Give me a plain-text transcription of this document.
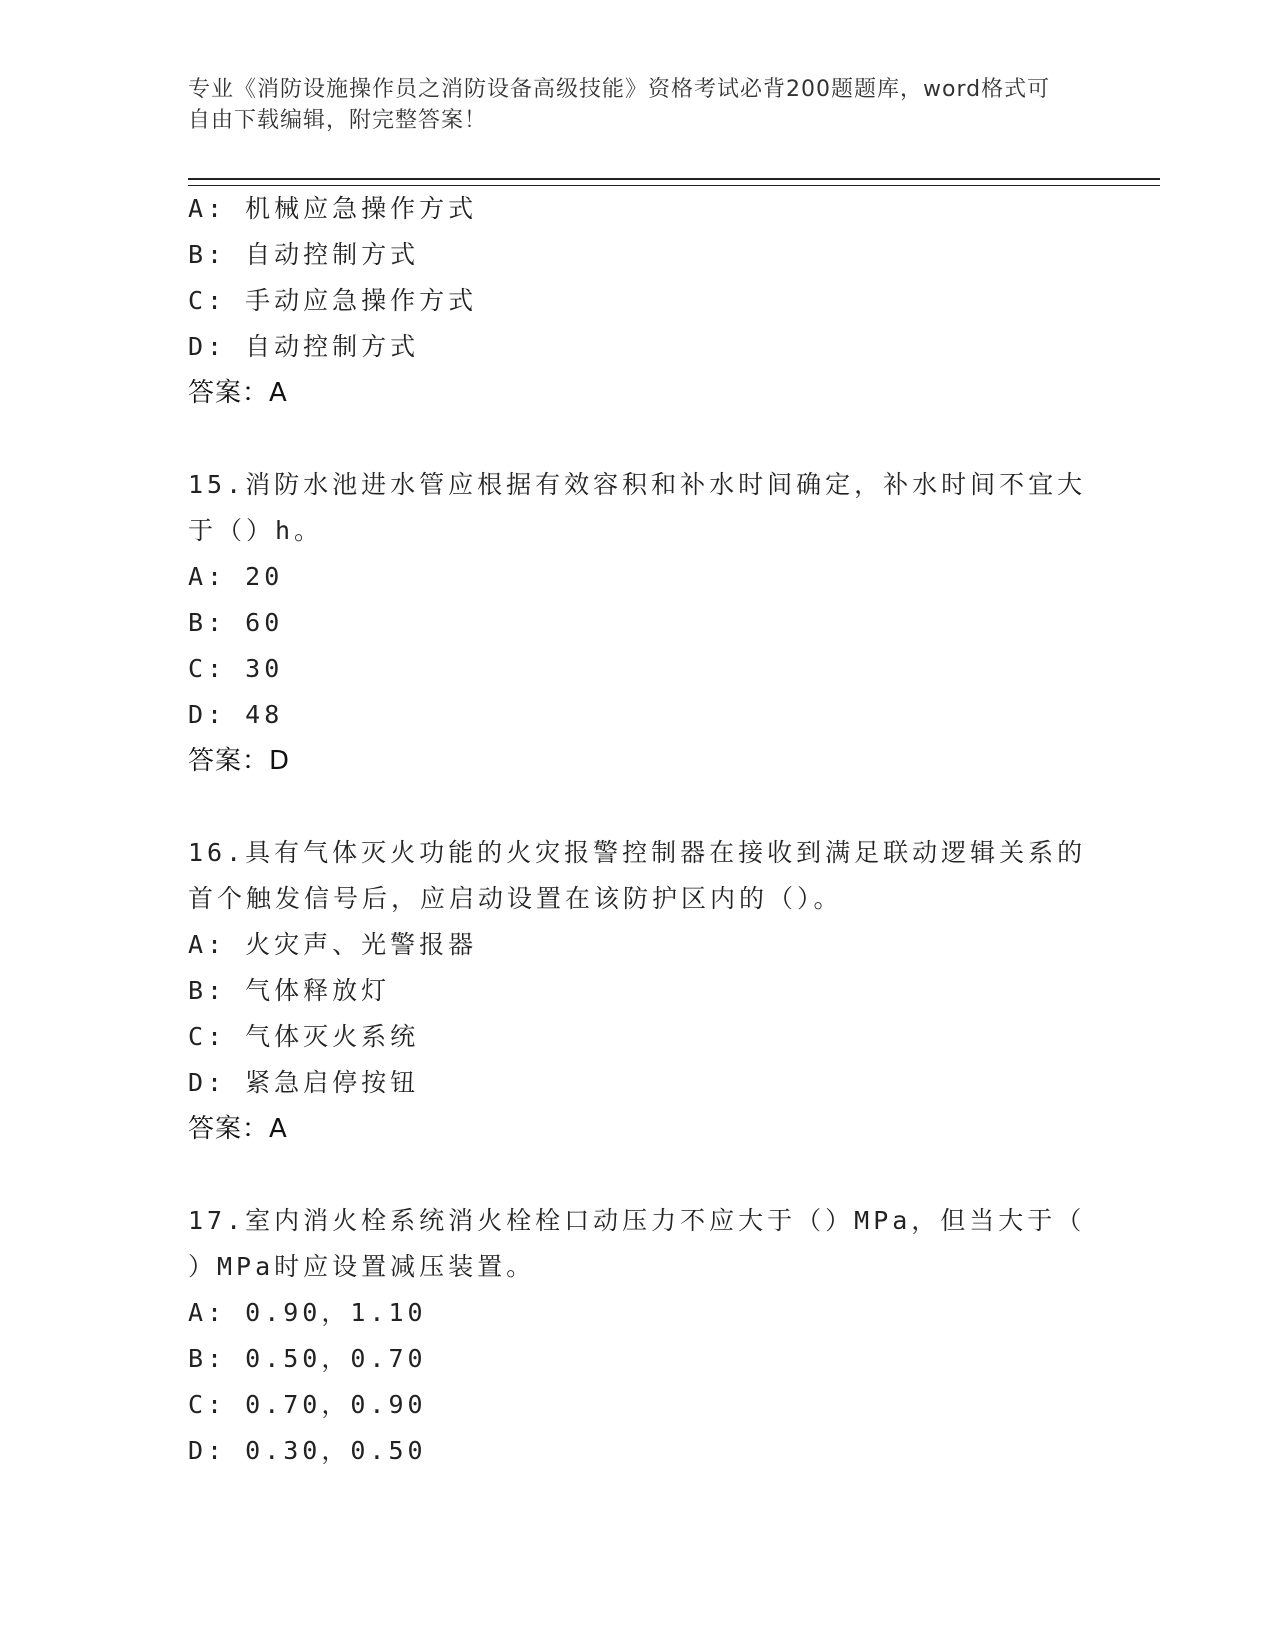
专业《消防设施操作员之消防设备高级技能》资格考试必背200题题库，word格式可自由下载编辑，附完整答案！
A: 机械应急操作方式
B: 自动控制方式
C: 手动应急操作方式
D: 自动控制方式
答案：A
15.消防水池进水管应根据有效容积和补水时间确定，补水时间不宜大
于（）h。
A: 20
B: 60
C: 30
D: 48
答案：D
16.具有气体灭火功能的火灾报警控制器在接收到满足联动逻辑关系的
首个触发信号后，应启动设置在该防护区内的（）。
A: 火灾声、光警报器
B: 气体释放灯
C: 气体灭火系统
D: 紧急启停按钮
答案：A
17.室内消火栓系统消火栓栓口动压力不应大于（）MPa，但当大于（
）MPa时应设置减压装置。
A: 0.90，1.10
B: 0.50，0.70
C: 0.70，0.90
D: 0.30，0.50
